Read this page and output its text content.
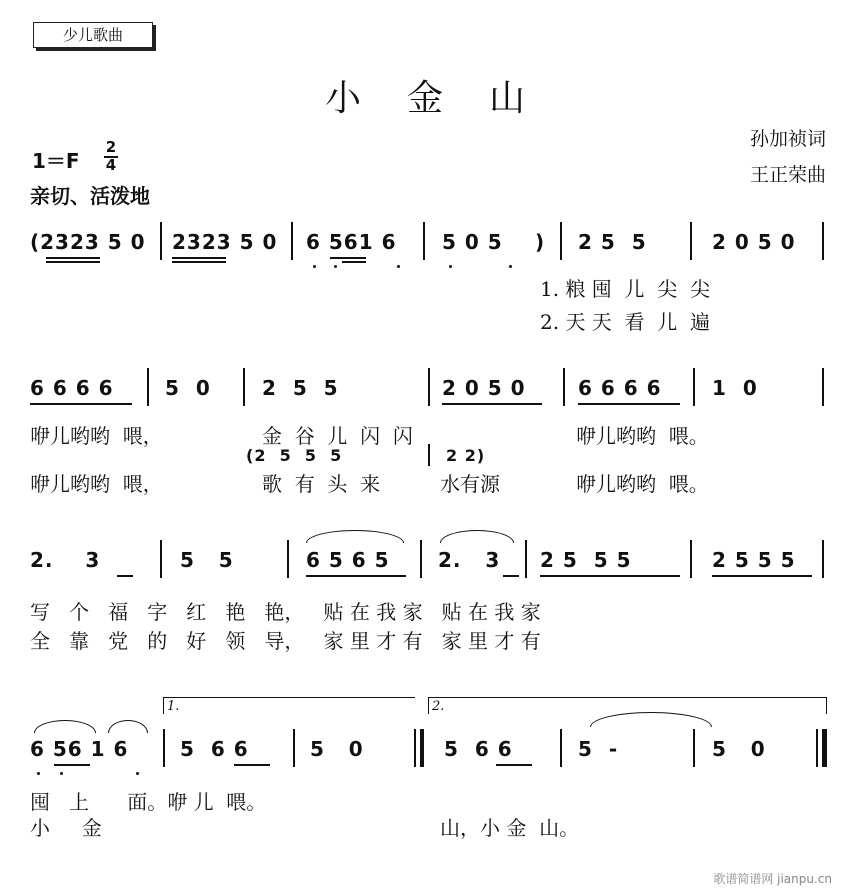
少儿歌曲
小金山
孙加祯词
王正荣曲
1＝F
2
4
亲切、活泼地
(2323 5 0 2323 5 0 6 561 6 5 0 5 ) 2 5  5	2 0 5 0
1. 粮 囤  儿  尖  尖
2. 天 天  看  儿  遍
6 6 6 6	5  0	2  5  5	2 0 5 0	6 6 6 6	1  0
咿儿哟哟  喂，	金  谷  儿  闪  闪	咿儿哟哟  喂。
(2  5  5  5	2 2)
咿儿哟哟  喂，	歌  有  头  来	水有源	咿儿哟哟  喂。
2.    3	5   5	6 5 6 5 2.   3 2 5  5 5	2 5 5 5
写   个   福   字   红   艳   艳，   贴 在 我 家   贴 在 我 家
全   靠   党   的   好   领   导，   家 里 才 有   家 里 才 有
1.	2.
6 56 1 6	5  6 6	5   0	5  6 6	5  -	5   0
囤   上      面。咿 儿  喂。
小     金	山，小 金  山。
歌谱简谱网 jianpu.cn
